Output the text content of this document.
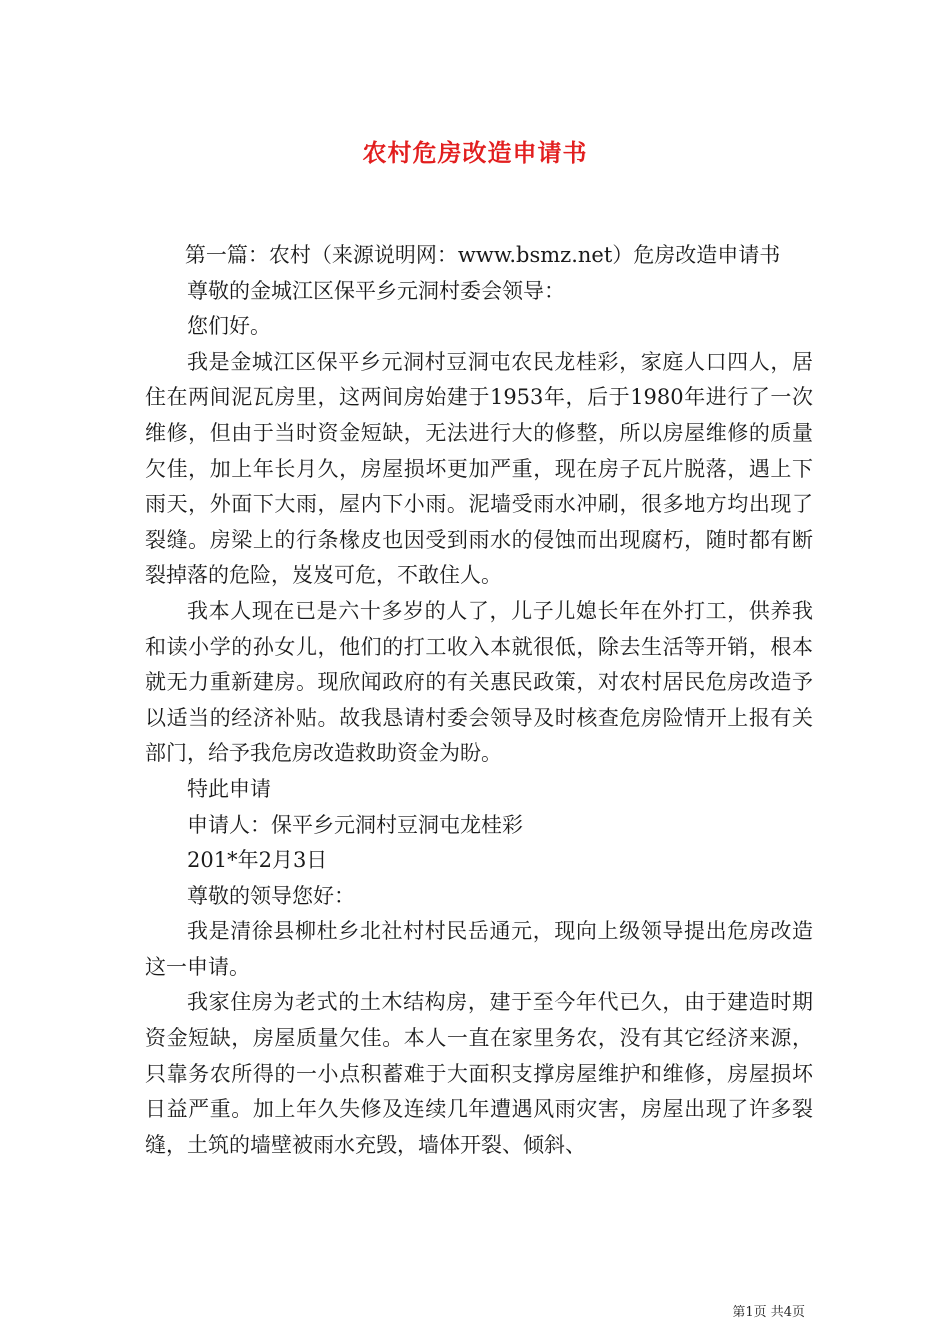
农村危房改造申请书

第一篇：农村（来源说明网：www.bsmz.net）危房改造申请书

尊敬的金城江区保平乡元洞村委会领导：

您们好。

我是金城江区保平乡元洞村豆洞屯农民龙桂彩，家庭人口四人，居住在两间泥瓦房里，这两间房始建于1953年，后于1980年进行了一次维修，但由于当时资金短缺，无法进行大的修整，所以房屋维修的质量欠佳，加上年长月久，房屋损坏更加严重，现在房子瓦片脱落，遇上下雨天，外面下大雨，屋内下小雨。泥墙受雨水冲刷，很多地方均出现了裂缝。房梁上的行条椽皮也因受到雨水的侵蚀而出现腐朽，随时都有断裂掉落的危险，岌岌可危，不敢住人。

我本人现在已是六十多岁的人了，儿子儿媳长年在外打工，供养我和读小学的孙女儿，他们的打工收入本就很低，除去生活等开销，根本就无力重新建房。现欣闻政府的有关惠民政策，对农村居民危房改造予以适当的经济补贴。故我恳请村委会领导及时核查危房险情开上报有关部门，给予我危房改造救助资金为盼。

特此申请

申请人：保平乡元洞村豆洞屯龙桂彩

201*年2月3日

尊敬的领导您好：

我是清徐县柳杜乡北社村村民岳通元，现向上级领导提出危房改造这一申请。

我家住房为老式的土木结构房，建于至今年代已久，由于建造时期资金短缺，房屋质量欠佳。本人一直在家里务农，没有其它经济来源，只靠务农所得的一小点积蓄难于大面积支撑房屋维护和维修，房屋损坏日益严重。加上年久失修及连续几年遭遇风雨灾害，房屋出现了许多裂缝，土筑的墙壁被雨水充毁，墙体开裂、倾斜、

第1页 共4页
